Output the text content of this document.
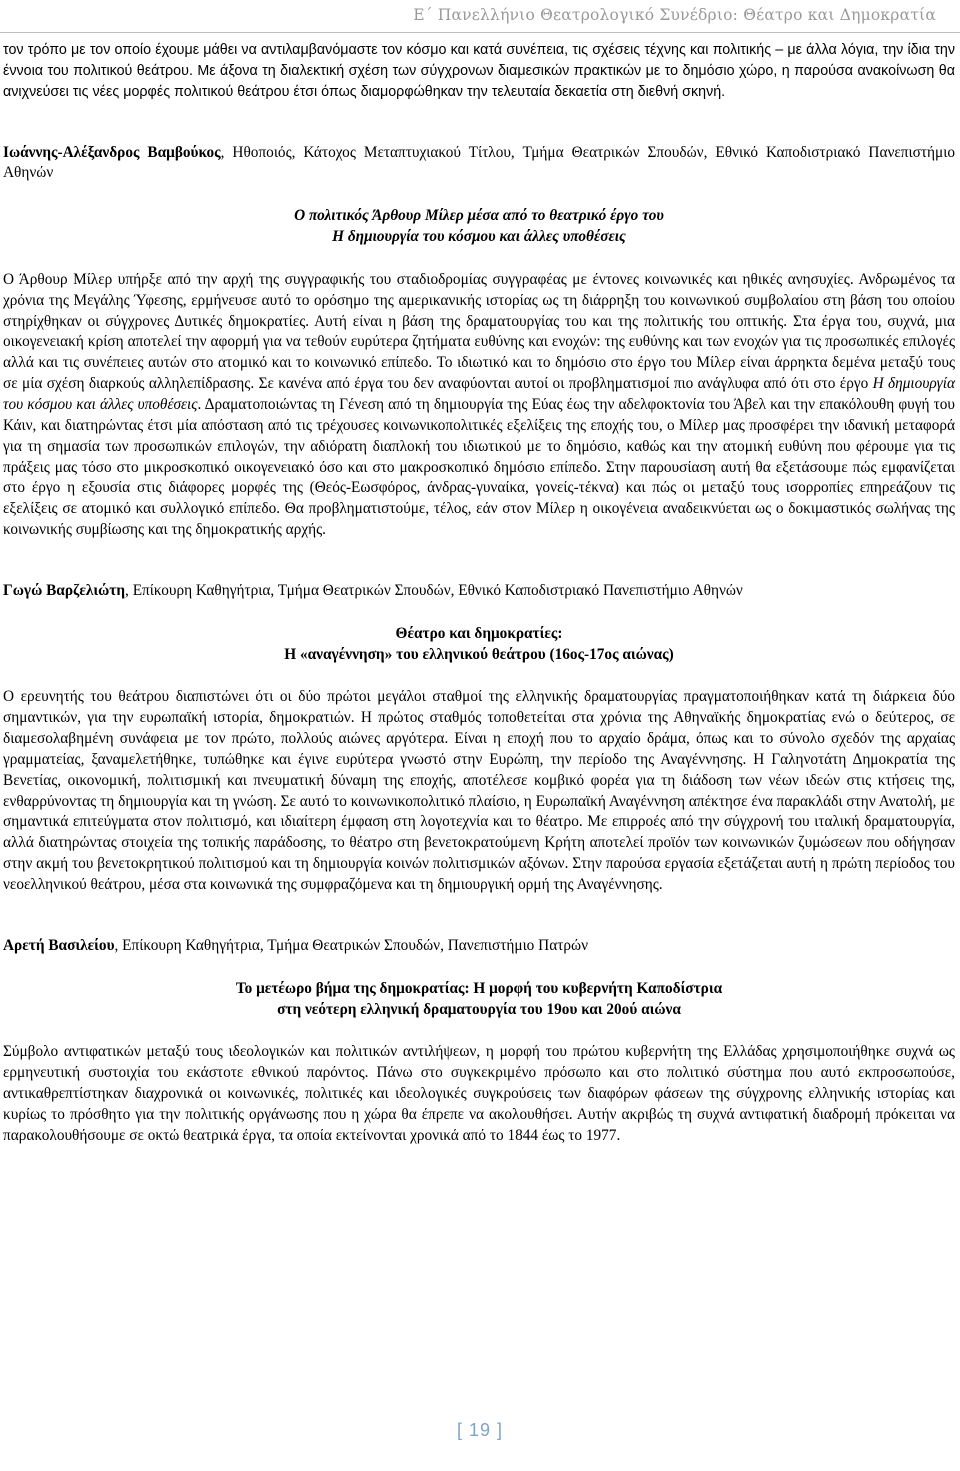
Ε΄ Πανελλήνιο Θεατρολογικό Συνέδριο: Θέατρο και Δημοκρατία

τον τρόπο με τον οποίο έχουμε μάθει να αντιλαμβανόμαστε τον κόσμο και κατά συνέπεια, τις σχέσεις τέχνης και πολιτικής – με άλλα λόγια, την ίδια την έννοια του πολιτικού θεάτρου. Με άξονα τη διαλεκτική σχέση των σύγχρονων διαμεσικών πρακτικών με το δημόσιο χώρο, η παρούσα ανακοίνωση θα ανιχνεύσει τις νέες μορφές πολιτικού θεάτρου έτσι όπως διαμορφώθηκαν την τελευταία δεκαετία στη διεθνή σκηνή.

Ιωάννης-Αλέξανδρος Βαμβούκος, Ηθοποιός, Κάτοχος Μεταπτυχιακού Τίτλου, Τμήμα Θεατρικών Σπουδών, Εθνικό Καποδιστριακό Πανεπιστήμιο Αθηνών

Ο πολιτικός Άρθουρ Μίλερ μέσα από το θεατρικό έργο του

Η δημιουργία του κόσμου και άλλες υποθέσεις

Ο Άρθουρ Μίλερ υπήρξε από την αρχή της συγγραφικής του σταδιοδρομίας συγγραφέας με έντονες κοινωνικές και ηθικές ανησυχίες. Ανδρωμένος τα χρόνια της Μεγάλης Ύφεσης, ερμήνευσε αυτό το ορόσημο της αμερικανικής ιστορίας ως τη διάρρηξη του κοινωνικού συμβολαίου στη βάση του οποίου στηρίχθηκαν οι σύγχρονες Δυτικές δημοκρατίες. Αυτή είναι η βάση της δραματουργίας του και της πολιτικής του οπτικής. Στα έργα του, συχνά, μια οικογενειακή κρίση αποτελεί την αφορμή για να τεθούν ευρύτερα ζητήματα ευθύνης και ενοχών: της ευθύνης και των ενοχών για τις προσωπικές επιλογές αλλά και τις συνέπειες αυτών στο ατομικό και το κοινωνικό επίπεδο. Το ιδιωτικό και το δημόσιο στο έργο του Μίλερ είναι άρρηκτα δεμένα μεταξύ τους σε μία σχέση διαρκούς αλληλεπίδρασης. Σε κανένα από έργα του δεν αναφύονται αυτοί οι προβληματισμοί πιο ανάγλυφα από ότι στο έργο Η δημιουργία του κόσμου και άλλες υποθέσεις. Δραματοποιώντας τη Γένεση από τη δημιουργία της Εύας έως την αδελφοκτονία του Άβελ και την επακόλουθη φυγή του Κάιν, και διατηρώντας έτσι μία απόσταση από τις τρέχουσες κοινωνικοπολιτικές εξελίξεις της εποχής του, ο Μίλερ μας προσφέρει την ιδανική μεταφορά για τη σημασία των προσωπικών επιλογών, την αδιόρατη διαπλοκή του ιδιωτικού με το δημόσιο, καθώς και την ατομική ευθύνη που φέρουμε για τις πράξεις μας τόσο στο μικροσκοπικό οικογενειακό όσο και στο μακροσκοπικό δημόσιο επίπεδο. Στην παρουσίαση αυτή θα εξετάσουμε πώς εμφανίζεται στο έργο η εξουσία στις διάφορες μορφές της (Θεός-Εωσφόρος, άνδρας-γυναίκα, γονείς-τέκνα) και πώς οι μεταξύ τους ισορροπίες επηρεάζουν τις εξελίξεις σε ατομικό και συλλογικό επίπεδο. Θα προβληματιστούμε, τέλος, εάν στον Μίλερ η οικογένεια αναδεικνύεται ως ο δοκιμαστικός σωλήνας της κοινωνικής συμβίωσης και της δημοκρατικής αρχής.

Γωγώ Βαρζελιώτη, Επίκουρη Καθηγήτρια, Τμήμα Θεατρικών Σπουδών, Εθνικό Καποδιστριακό Πανεπιστήμιο Αθηνών

Θέατρο και δημοκρατίες:

Η «αναγέννηση» του ελληνικού θεάτρου (16ος-17ος αιώνας)

Ο ερευνητής του θεάτρου διαπιστώνει ότι οι δύο πρώτοι μεγάλοι σταθμοί της ελληνικής δραματουργίας πραγματοποιήθηκαν κατά τη διάρκεια δύο σημαντικών, για την ευρωπαϊκή ιστορία, δημοκρατιών. Η πρώτος σταθμός τοποθετείται στα χρόνια της Αθηναϊκής δημοκρατίας ενώ ο δεύτερος, σε διαμεσολαβημένη συνάφεια με τον πρώτο, πολλούς αιώνες αργότερα. Είναι η εποχή που το αρχαίο δράμα, όπως και το σύνολο σχεδόν της αρχαίας γραμματείας, ξαναμελετήθηκε, τυπώθηκε και έγινε ευρύτερα γνωστό στην Ευρώπη, την περίοδο της Αναγέννησης. Η Γαληνοτάτη Δημοκρατία της Βενετίας, οικονομική, πολιτισμική και πνευματική δύναμη της εποχής, αποτέλεσε κομβικό φορέα για τη διάδοση των νέων ιδεών στις κτήσεις της, ενθαρρύνοντας τη δημιουργία και τη γνώση. Σε αυτό το κοινωνικοπολιτικό πλαίσιο, η Ευρωπαϊκή Αναγέννηση απέκτησε ένα παρακλάδι στην Ανατολή, με σημαντικά επιτεύγματα στον πολιτισμό, και ιδιαίτερη έμφαση στη λογοτεχνία και το θέατρο. Με επιρροές από την σύγχρονή του ιταλική δραματουργία, αλλά διατηρώντας στοιχεία της τοπικής παράδοσης, το θέατρο στη βενετοκρατούμενη Κρήτη αποτελεί προϊόν των κοινωνικών ζυμώσεων που οδήγησαν στην ακμή του βενετοκρητικού πολιτισμού και τη δημιουργία κοινών πολιτισμικών αξόνων. Στην παρούσα εργασία εξετάζεται αυτή η πρώτη περίοδος του νεοελληνικού θεάτρου, μέσα στα κοινωνικά της συμφραζόμενα και τη δημιουργική ορμή της Αναγέννησης.

Αρετή Βασιλείου, Επίκουρη Καθηγήτρια, Τμήμα Θεατρικών Σπουδών, Πανεπιστήμιο Πατρών

Το μετέωρο βήμα της δημοκρατίας: Η μορφή του κυβερνήτη Καποδίστρια

στη νεότερη ελληνική δραματουργία του 19ου και 20ού αιώνα

Σύμβολο αντιφατικών μεταξύ τους ιδεολογικών και πολιτικών αντιλήψεων, η μορφή του πρώτου κυβερνήτη της Ελλάδας χρησιμοποιήθηκε συχνά ως ερμηνευτική συστοιχία του εκάστοτε εθνικού παρόντος. Πάνω στο συγκεκριμένο πρόσωπο και στο πολιτικό σύστημα που αυτό εκπροσωπούσε, αντικαθρεπτίστηκαν διαχρονικά οι κοινωνικές, πολιτικές και ιδεολογικές συγκρούσεις των διαφόρων φάσεων της σύγχρονης ελληνικής ιστορίας και κυρίως το πρόσθητο για την πολιτικής οργάνωσης που η χώρα θα έπρεπε να ακολουθήσει. Αυτήν ακριβώς τη συχνά αντιφατική διαδρομή πρόκειται να παρακολουθήσουμε σε οκτώ θεατρικά έργα, τα οποία εκτείνονται χρονικά από το 1844 έως το 1977.

[ 19 ]
